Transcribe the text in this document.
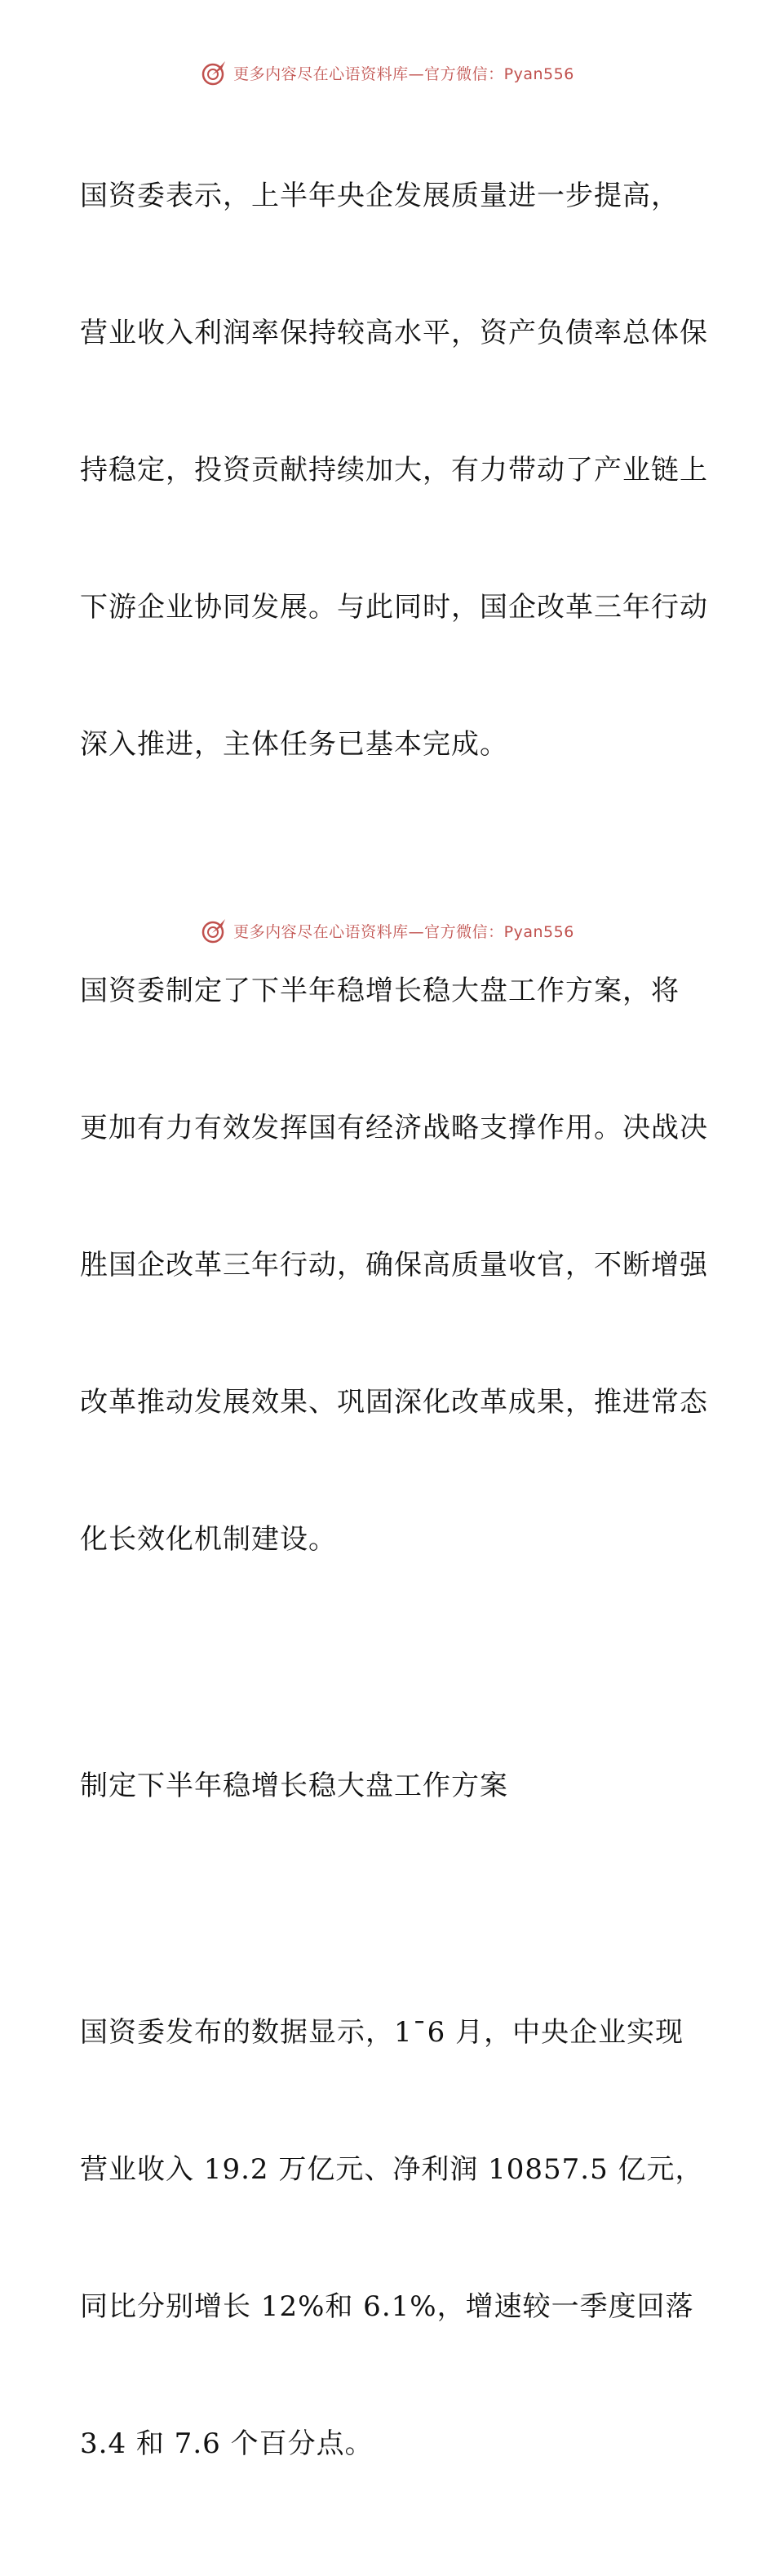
更多内容尽在心语资料库—官方微信：Pyan556

国资委表示，上半年央企发展质量进一步提高，

营业收入利润率保持较高水平，资产负债率总体保

持稳定，投资贡献持续加大，有力带动了产业链上

下游企业协同发展。与此同时，国企改革三年行动

深入推进，主体任务已基本完成。

国资委制定了下半年稳增长稳大盘工作方案，将

更加有力有效发挥国有经济战略支撑作用。决战决

胜国企改革三年行动，确保高质量收官，不断增强

改革推动发展效果、巩固深化改革成果，推进常态

化长效化机制建设。

制定下半年稳增长稳大盘工作方案

国资委发布的数据显示，1¯6 月，中央企业实现

营业收入 19.2 万亿元、净利润 10857.5 亿元，

同比分别增长 12%和 6.1%，增速较一季度回落

3.4 和 7.6 个百分点。

更多内容尽在心语资料库—官方微信：Pyan556
